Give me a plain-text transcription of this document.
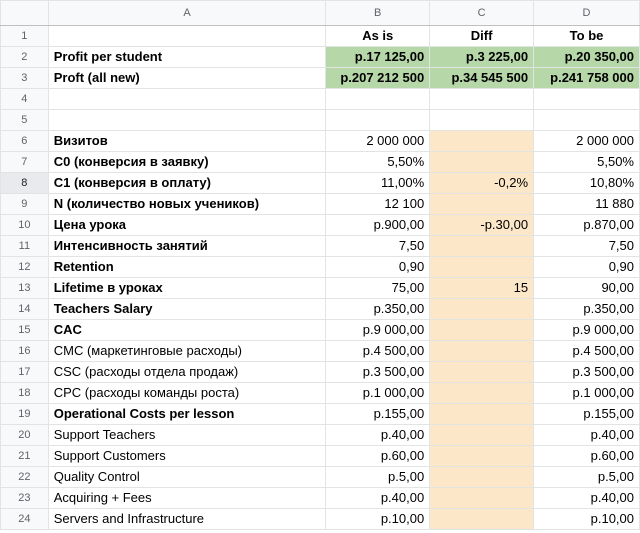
	A	B	C	D
1		As is	Diff	To be
2	Profit per student	р.17 125,00	р.3 225,00	р.20 350,00
3	Proft (all new)	р.207 212 500	р.34 545 500	р.241 758 000
4				
5				
6	Визитов	2 000 000		2 000 000
7	C0 (конверсия в заявку)	5,50%		5,50%
8	C1 (конверсия в оплату)	11,00%	-0,2%	10,80%
9	N (количество новых учеников)	12 100		11 880
10	Цена урока	р.900,00	-р.30,00	р.870,00
11	Интенсивность занятий	7,50		7,50
12	Retention	0,90		0,90
13	Lifetime в уроках	75,00	15	90,00
14	Teachers Salary	р.350,00		р.350,00
15	CAC	р.9 000,00		р.9 000,00
16	CMC (маркетинговые расходы)	р.4 500,00		р.4 500,00
17	CSC (расходы отдела продаж)	р.3 500,00		р.3 500,00
18	CPC (расходы команды роста)	р.1 000,00		р.1 000,00
19	Operational Costs per lesson	р.155,00		р.155,00
20	Support Teachers	р.40,00		р.40,00
21	Support Customers	р.60,00		р.60,00
22	Quality Control	р.5,00		р.5,00
23	Acquiring + Fees	р.40,00		р.40,00
24	Servers and Infrastructure	р.10,00		р.10,00
